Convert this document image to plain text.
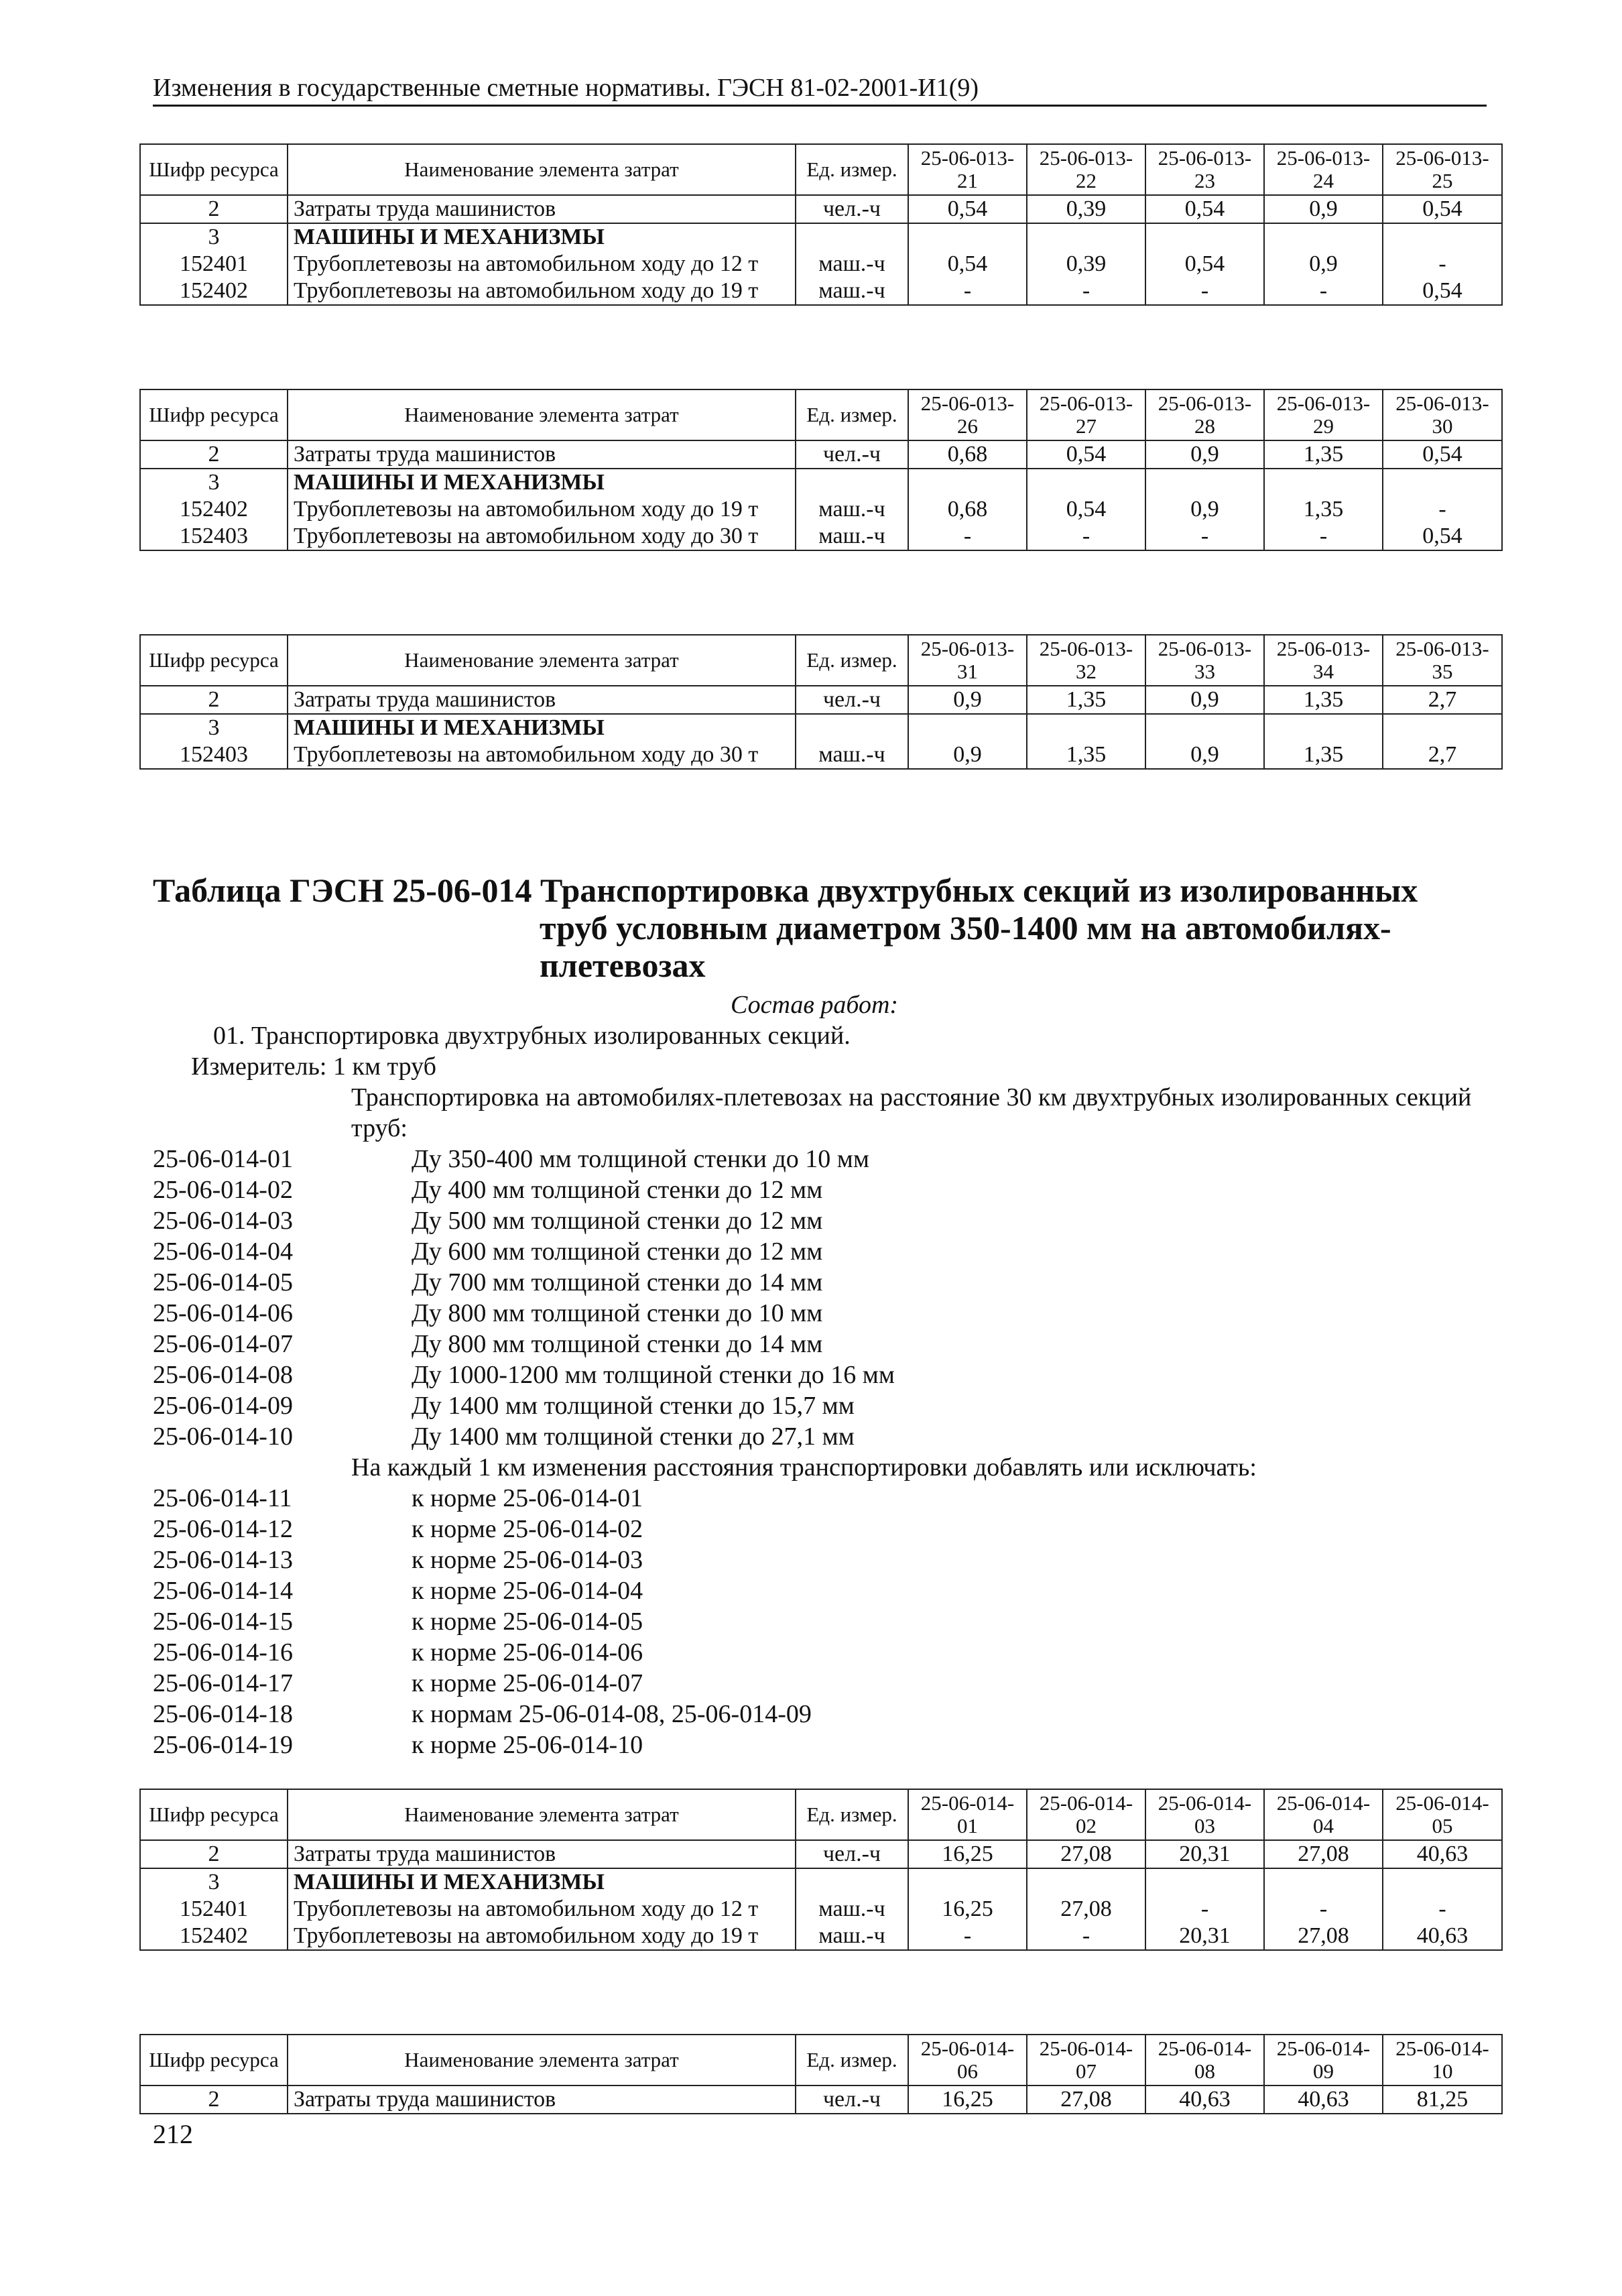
Изменения в государственные сметные нормативы. ГЭСН 81-02-2001-И1(9)
Шифр ресурса	Наименование элемента затрат	Ед. измер.	25-06-013-21	25-06-013-22	25-06-013-23	25-06-013-24	25-06-013-25
2	Затраты труда машинистов	чел.-ч	0,54	0,39	0,54	0,9	0,54
3	МАШИНЫ И МЕХАНИЗМЫ						
152401	Трубоплетевозы на автомобильном ходу до 12 т	маш.-ч	0,54	0,39	0,54	0,9	-
152402	Трубоплетевозы на автомобильном ходу до 19 т	маш.-ч	-	-	-	-	0,54
Шифр ресурса	Наименование элемента затрат	Ед. измер.	25-06-013-26	25-06-013-27	25-06-013-28	25-06-013-29	25-06-013-30
2	Затраты труда машинистов	чел.-ч	0,68	0,54	0,9	1,35	0,54
3	МАШИНЫ И МЕХАНИЗМЫ						
152402	Трубоплетевозы на автомобильном ходу до 19 т	маш.-ч	0,68	0,54	0,9	1,35	-
152403	Трубоплетевозы на автомобильном ходу до 30 т	маш.-ч	-	-	-	-	0,54
Шифр ресурса	Наименование элемента затрат	Ед. измер.	25-06-013-31	25-06-013-32	25-06-013-33	25-06-013-34	25-06-013-35
2	Затраты труда машинистов	чел.-ч	0,9	1,35	0,9	1,35	2,7
3	МАШИНЫ И МЕХАНИЗМЫ						
152403	Трубоплетевозы на автомобильном ходу до 30 т	маш.-ч	0,9	1,35	0,9	1,35	2,7
Таблица ГЭСН 25-06-014 Транспортировка двухтрубных секций из изолированных
труб условным диаметром 350-1400 мм на автомобилях-
плетевозах
Состав работ:
01. Транспортировка двухтрубных изолированных секций.
Измеритель: 1 км труб
Транспортировка на автомобилях-плетевозах на расстояние 30 км двухтрубных изолированных секций труб:
25-06-014-01	Ду 350-400 мм толщиной стенки до 10 мм
25-06-014-02	Ду 400 мм толщиной стенки до 12 мм
25-06-014-03	Ду 500 мм толщиной стенки до 12 мм
25-06-014-04	Ду 600 мм толщиной стенки до 12 мм
25-06-014-05	Ду 700 мм толщиной стенки до 14 мм
25-06-014-06	Ду 800 мм толщиной стенки до 10 мм
25-06-014-07	Ду 800 мм толщиной стенки до 14 мм
25-06-014-08	Ду 1000-1200 мм толщиной стенки до 16 мм
25-06-014-09	Ду 1400 мм толщиной стенки до 15,7 мм
25-06-014-10	Ду 1400 мм толщиной стенки до 27,1 мм
На каждый 1 км изменения расстояния транспортировки добавлять или исключать:
25-06-014-11	к норме 25-06-014-01
25-06-014-12	к норме 25-06-014-02
25-06-014-13	к норме 25-06-014-03
25-06-014-14	к норме 25-06-014-04
25-06-014-15	к норме 25-06-014-05
25-06-014-16	к норме 25-06-014-06
25-06-014-17	к норме 25-06-014-07
25-06-014-18	к нормам 25-06-014-08, 25-06-014-09
25-06-014-19	к норме 25-06-014-10
Шифр ресурса	Наименование элемента затрат	Ед. измер.	25-06-014-01	25-06-014-02	25-06-014-03	25-06-014-04	25-06-014-05
2	Затраты труда машинистов	чел.-ч	16,25	27,08	20,31	27,08	40,63
3	МАШИНЫ И МЕХАНИЗМЫ						
152401	Трубоплетевозы на автомобильном ходу до 12 т	маш.-ч	16,25	27,08	-	-	-
152402	Трубоплетевозы на автомобильном ходу до 19 т	маш.-ч	-	-	20,31	27,08	40,63
Шифр ресурса	Наименование элемента затрат	Ед. измер.	25-06-014-06	25-06-014-07	25-06-014-08	25-06-014-09	25-06-014-10
2	Затраты труда машинистов	чел.-ч	16,25	27,08	40,63	40,63	81,25
212
